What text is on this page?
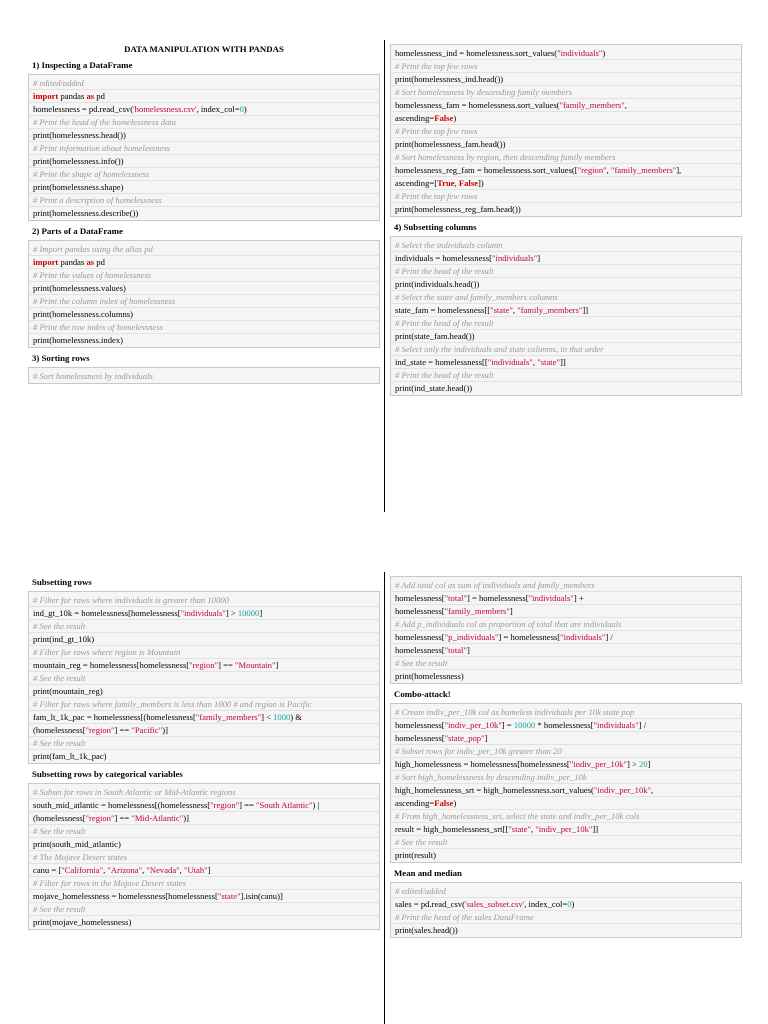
DATA MANIPULATION WITH PANDAS
1) Inspecting a DataFrame
# edited/added
import pandas as pd
homelessness = pd.read_csv('homelessness.csv', index_col=0)
# Print the head of the homelessness data
print(homelessness.head())
# Print information about homelessness
print(homelessness.info())
# Print the shape of homelessness
print(homelessness.shape)
# Print a description of homelessness
print(homelessness.describe())
2) Parts of a DataFrame
# Import pandas using the alias pd
import pandas as pd
# Print the values of homelessness
print(homelessness.values)
# Print the column index of homelessness
print(homelessness.columns)
# Print the row index of homelessness
print(homelessness.index)
3) Sorting rows
# Sort homelessness by individuals
homelessness_ind = homelessness.sort_values("individuals")
# Print the top few rows
print(homelessness_ind.head())
# Sort homelessness by descending family members
homelessness_fam = homelessness.sort_values("family_members",
ascending=False)
# Print the top few rows
print(homelessness_fam.head())
# Sort homelessness by region, then descending family members
homelessness_reg_fam = homelessness.sort_values(["region", "family_members"],
ascending=[True, False])
# Print the top few rows
print(homelessness_reg_fam.head())
4) Subsetting columns
# Select the individuals column
individuals = homelessness["individuals"]
# Print the head of the result
print(individuals.head())
# Select the state and family_members columns
state_fam = homelessness[["state", "family_members"]]
# Print the head of the result
print(state_fam.head())
# Select only the individuals and state columns, in that order
ind_state = homelessness[["individuals", "state"]]
# Print the head of the result
print(ind_state.head())
Subsetting rows
# Filter for rows where individuals is greater than 10000
ind_gt_10k = homelessness[homelessness["individuals"] > 10000]
# See the result
print(ind_gt_10k)
# Filter for rows where region is Mountain
mountain_reg = homelessness[homelessness["region"] == "Mountain"]
# See the result
print(mountain_reg)
# Filter for rows where family_members is less than 1000 # and region is Pacific
fam_lt_1k_pac = homelessness[(homelessness["family_members"] < 1000) &
(homelessness["region"] == "Pacific")]
# See the result
print(fam_lt_1k_pac)
Subsetting rows by categorical variables
# Subset for rows in South Atlantic or Mid-Atlantic regions
south_mid_atlantic = homelessness[(homelessness["region"] == "South Atlantic") |
(homelessness["region"] == "Mid-Atlantic")]
# See the result
print(south_mid_atlantic)
# The Mojave Desert states
canu = ["California", "Arizona", "Nevada", "Utah"]
# Filter for rows in the Mojave Desert states
mojave_homelessness = homelessness[homelessness["state"].isin(canu)]
# See the result
print(mojave_homelessness)
# Add total col as sum of individuals and family_members
homelessness["total"] = homelessness["individuals"] +
homelessness["family_members"]
# Add p_individuals col as proportion of total that are individuals
homelessness["p_individuals"] = homelessness["individuals"] /
homelessness["total"]
# See the result
print(homelessness)
Combo-attack!
# Create indiv_per_10k col as homeless individuals per 10k state pop
homelessness["indiv_per_10k"] = 10000 * homelessness["individuals"] /
homelessness["state_pop"]
# Subset rows for indiv_per_10k greater than 20
high_homelessness = homelessness[homelessness["indiv_per_10k"] > 20]
# Sort high_homelessness by descending indiv_per_10k
high_homelessness_srt = high_homelessness.sort_values("indiv_per_10k",
ascending=False)
# From high_homelessness_srt, select the state and indiv_per_10k cols
result = high_homelessness_srt[["state", "indiv_per_10k"]]
# See the result
print(result)
Mean and median
# edited/added
sales = pd.read_csv('sales_subset.csv', index_col=0)
# Print the head of the sales DataFrame
print(sales.head())
